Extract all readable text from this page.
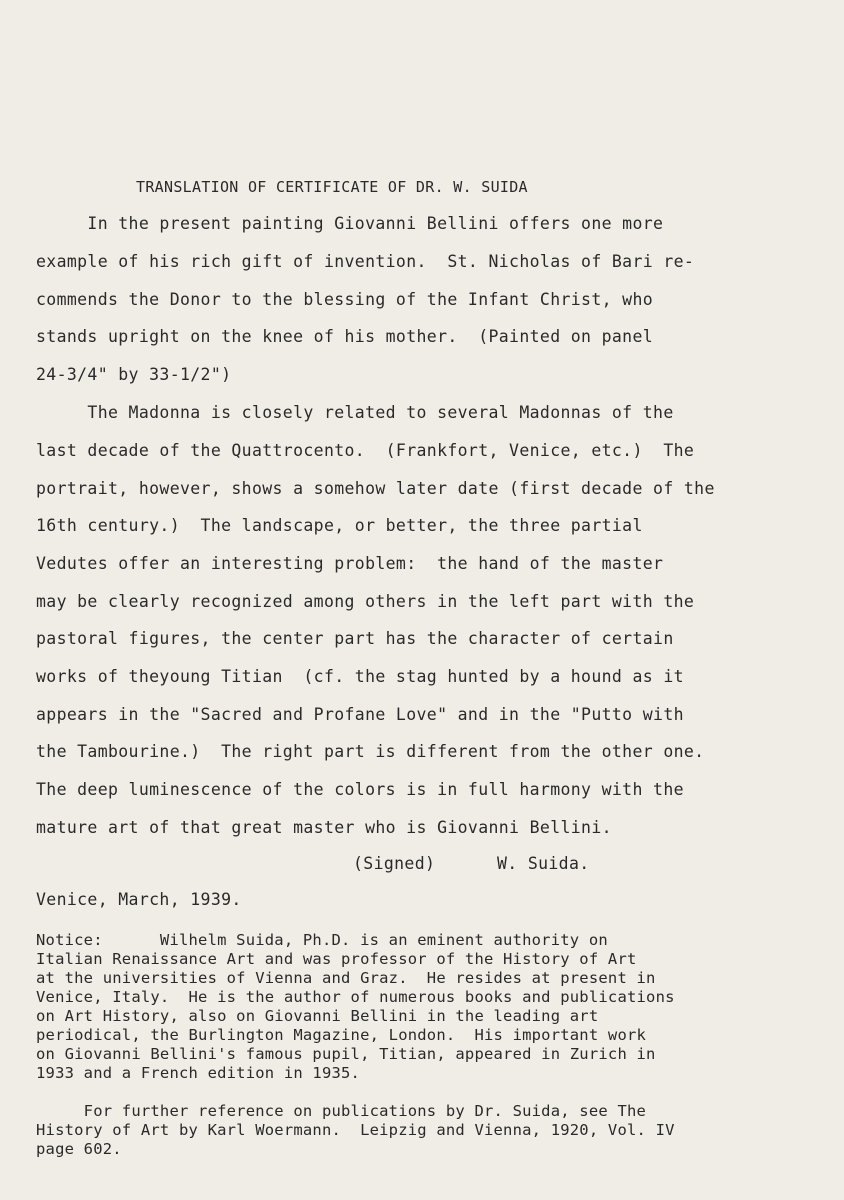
TRANSLATION OF CERTIFICATE OF DR. W. SUIDA
In the present painting Giovanni Bellini offers one more
example of his rich gift of invention.  St. Nicholas of Bari re-
commends the Donor to the blessing of the Infant Christ, who
stands upright on the knee of his mother.  (Painted on panel
24-3/4" by 33-1/2")
The Madonna is closely related to several Madonnas of the
last decade of the Quattrocento.  (Frankfort, Venice, etc.)  The
portrait, however, shows a somehow later date (first decade of the
16th century.)  The landscape, or better, the three partial
Vedutes offer an interesting problem:  the hand of the master
may be clearly recognized among others in the left part with the
pastoral figures, the center part has the character of certain
works of theyoung Titian  (cf. the stag hunted by a hound as it
appears in the "Sacred and Profane Love" and in the "Putto with
the Tambourine.)  The right part is different from the other one.
The deep luminescence of the colors is in full harmony with the
mature art of that great master who is Giovanni Bellini.
(Signed)      W. Suida.
Venice, March, 1939.
Notice:      Wilhelm Suida, Ph.D. is an eminent authority on
Italian Renaissance Art and was professor of the History of Art
at the universities of Vienna and Graz.  He resides at present in
Venice, Italy.  He is the author of numerous books and publications
on Art History, also on Giovanni Bellini in the leading art
periodical, the Burlington Magazine, London.  His important work
on Giovanni Bellini's famous pupil, Titian, appeared in Zurich in
1933 and a French edition in 1935.
For further reference on publications by Dr. Suida, see The
History of Art by Karl Woermann.  Leipzig and Vienna, 1920, Vol. IV
page 602.
